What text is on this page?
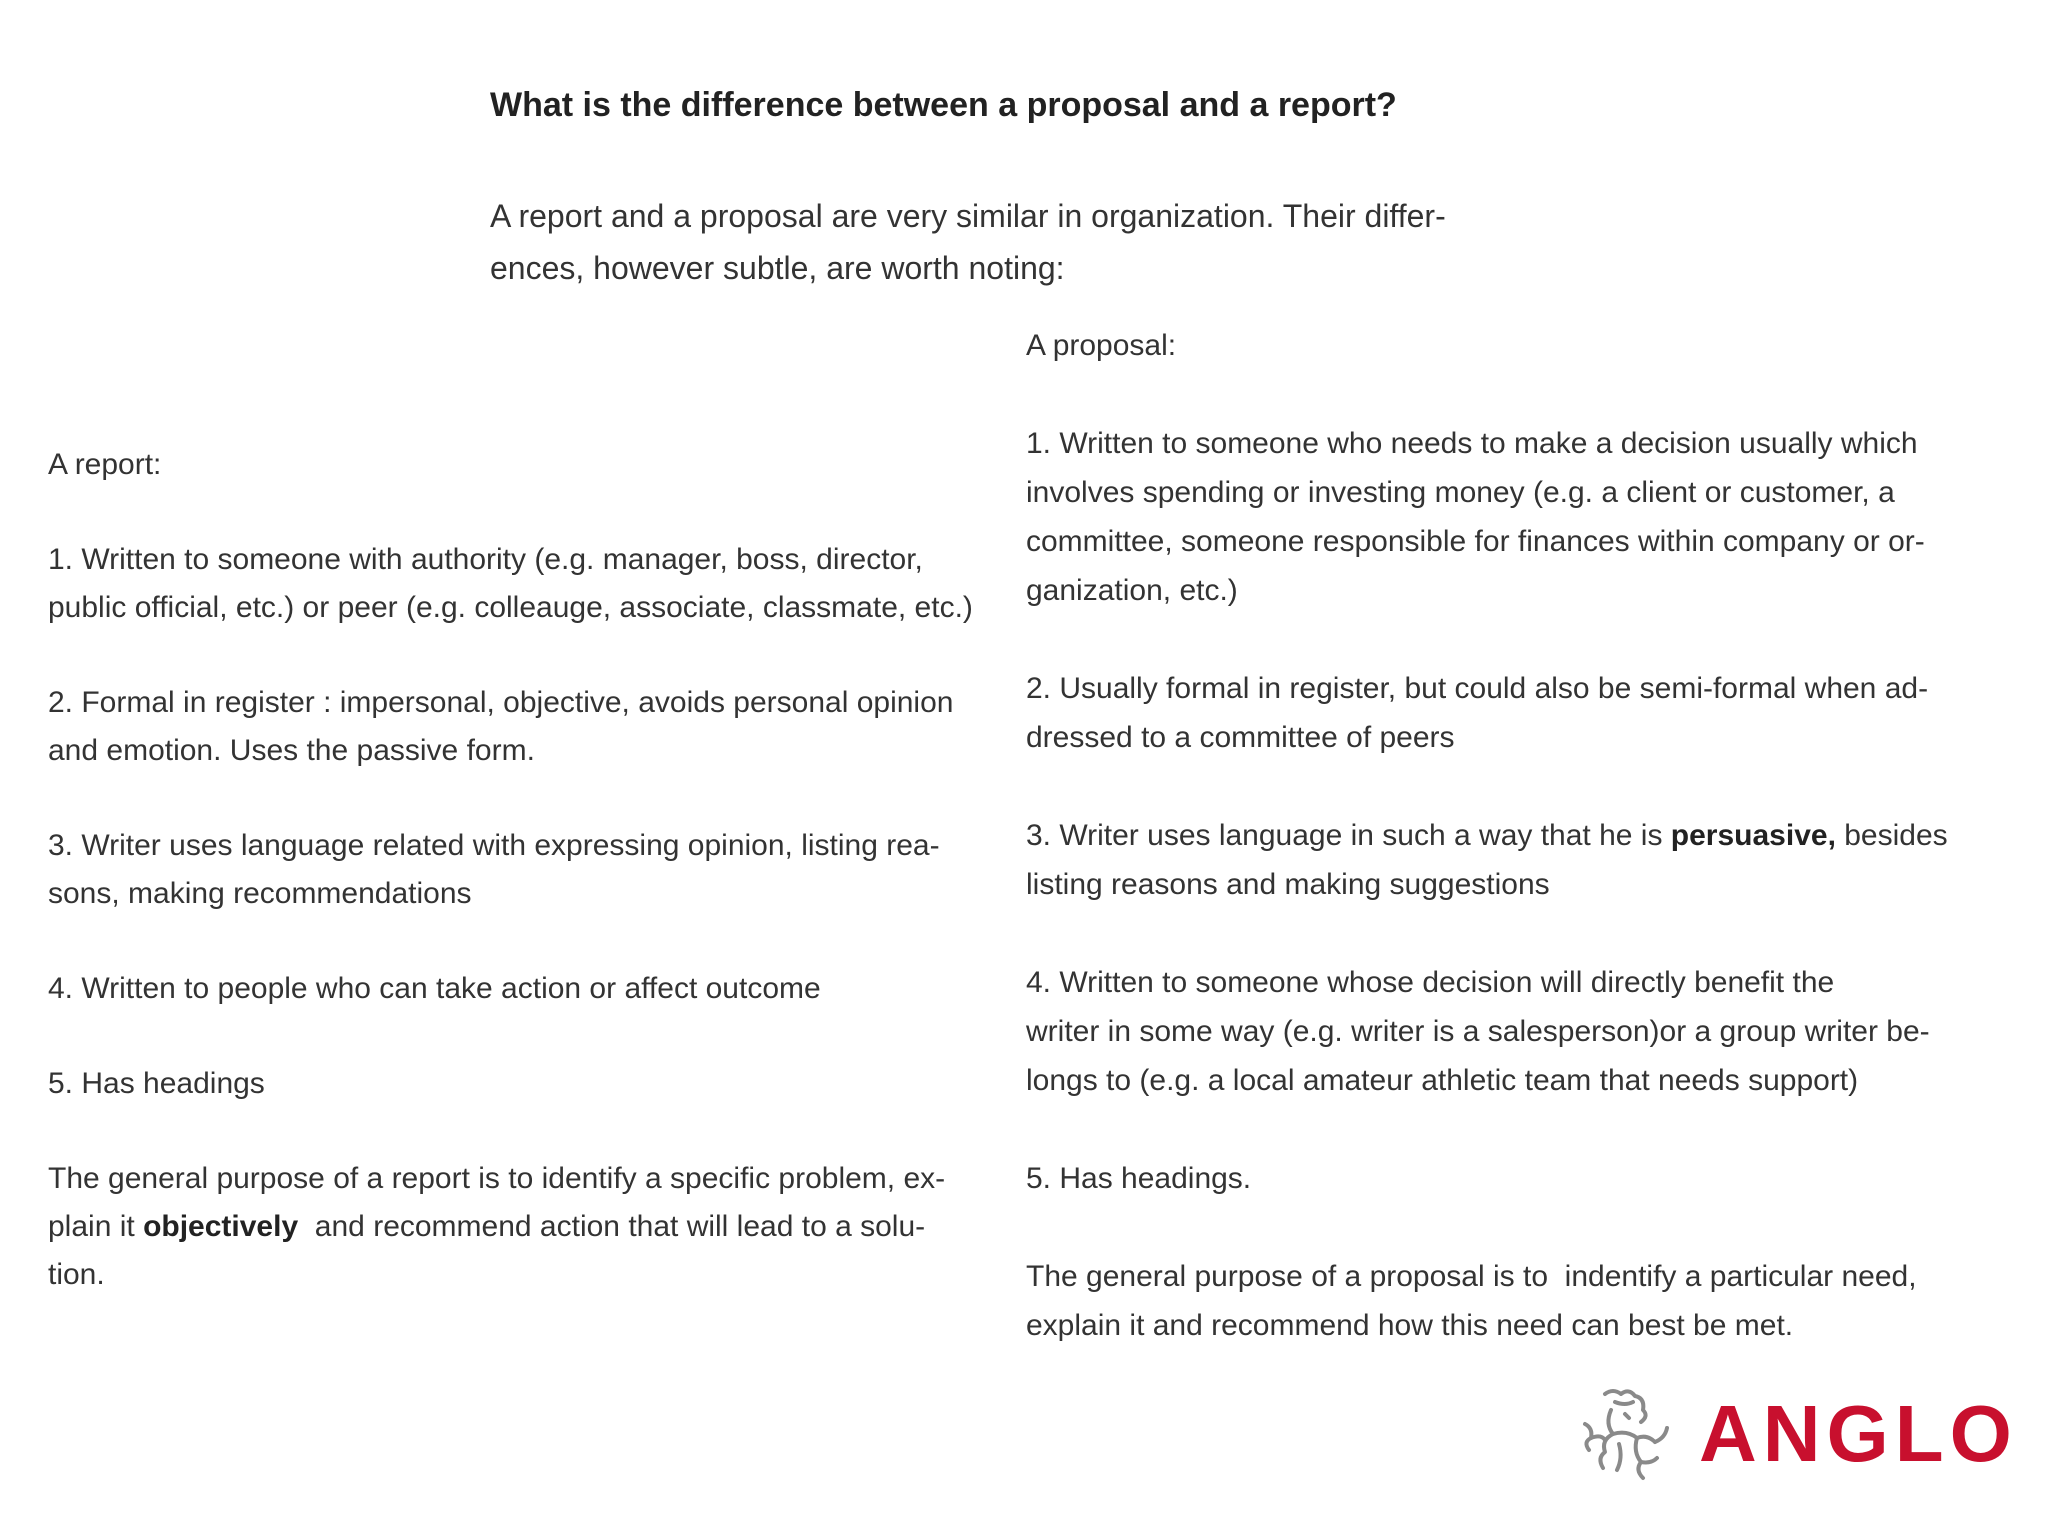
What is the difference between a proposal and a report?
A report and a proposal are very similar in organization. Their differ-
ences, however subtle, are worth noting:
A report:

1. Written to someone with authority (e.g. manager, boss, director,
public official, etc.) or peer (e.g. colleauge, associate, classmate, etc.)

2. Formal in register : impersonal, objective, avoids personal opinion
and emotion. Uses the passive form.

3. Writer uses language related with expressing opinion, listing rea-
sons, making recommendations

4. Written to people who can take action or affect outcome

5. Has headings

The general purpose of a report is to identify a specific problem, ex-
plain it objectively  and recommend action that will lead to a solu-
tion.

A proposal:

1. Written to someone who needs to make a decision usually which
involves spending or investing money (e.g. a client or customer, a
committee, someone responsible for finances within company or or-
ganization, etc.)

2. Usually formal in register, but could also be semi-formal when ad-
dressed to a committee of peers

3. Writer uses language in such a way that he is persuasive, besides
listing reasons and making suggestions

4. Written to someone whose decision will directly benefit the
writer in some way (e.g. writer is a salesperson)or a group writer be-
longs to (e.g. a local amateur athletic team that needs support)

5. Has headings.

The general purpose of a proposal is to  indentify a particular need,
explain it and recommend how this need can best be met.

ANGLO
